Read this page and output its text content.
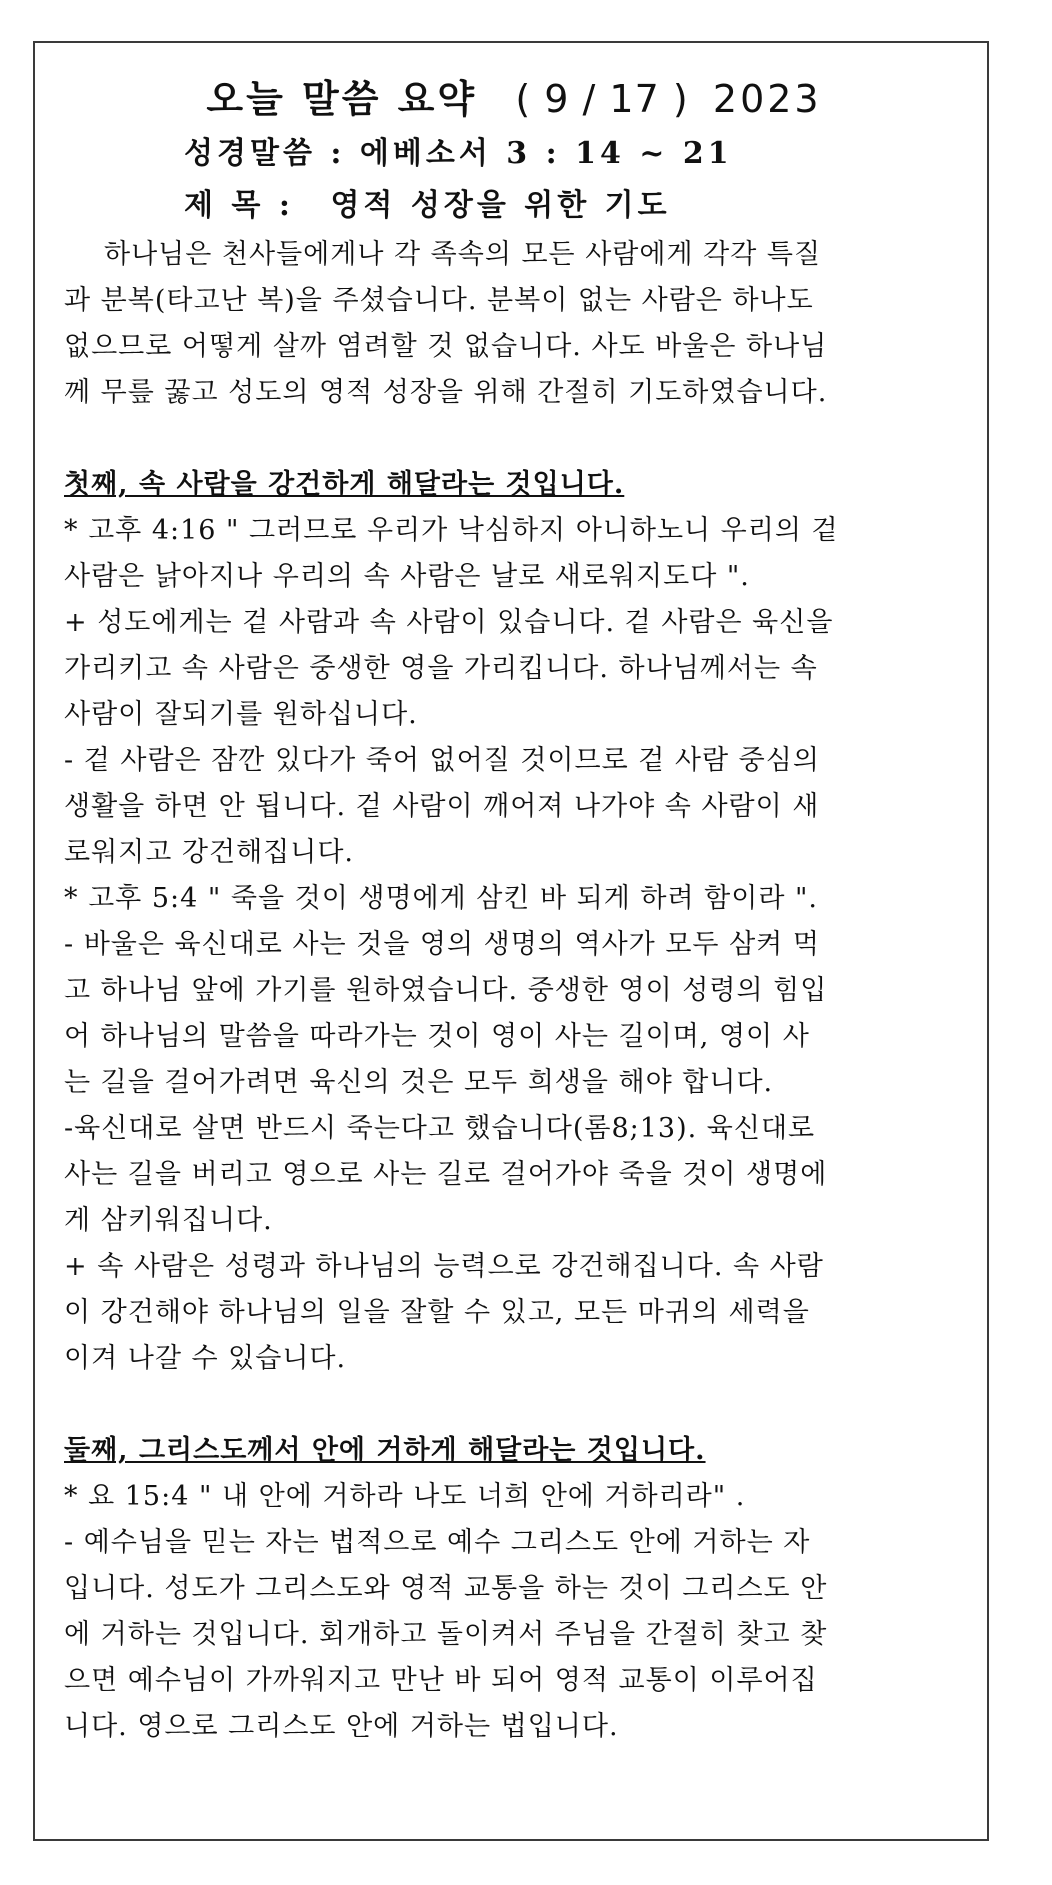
오늘 말씀 요약 ( 9 / 17 ) 2023
성경말씀 : 에베소서 3 : 14 ~ 21
제 목 : 영적 성장을 위한 기도
하나님은 천사들에게나 각 족속의 모든 사람에게 각각 특질
과 분복(타고난 복)을 주셨습니다. 분복이 없는 사람은 하나도
없으므로 어떻게 살까 염려할 것 없습니다. 사도 바울은 하나님
께 무릎 꿇고 성도의 영적 성장을 위해 간절히 기도하였습니다.
첫째, 속 사람을 강건하게 해달라는 것입니다.
* 고후 4:16 " 그러므로 우리가 낙심하지 아니하노니 우리의 겉
사람은 낡아지나 우리의 속 사람은 날로 새로워지도다 ".
+ 성도에게는 겉 사람과 속 사람이 있습니다. 겉 사람은 육신을
가리키고 속 사람은 중생한 영을 가리킵니다. 하나님께서는 속
사람이 잘되기를 원하십니다.
- 겉 사람은 잠깐 있다가 죽어 없어질 것이므로 겉 사람 중심의
생활을 하면 안 됩니다. 겉 사람이 깨어져 나가야 속 사람이 새
로워지고 강건해집니다.
* 고후 5:4 " 죽을 것이 생명에게 삼킨 바 되게 하려 함이라 ".
- 바울은 육신대로 사는 것을 영의 생명의 역사가 모두 삼켜 먹
고 하나님 앞에 가기를 원하였습니다. 중생한 영이 성령의 힘입
어 하나님의 말씀을 따라가는 것이 영이 사는 길이며, 영이 사
는 길을 걸어가려면 육신의 것은 모두 희생을 해야 합니다.
-육신대로 살면 반드시 죽는다고 했습니다(롬8;13). 육신대로
사는 길을 버리고 영으로 사는 길로 걸어가야 죽을 것이 생명에
게 삼키워집니다.
+ 속 사람은 성령과 하나님의 능력으로 강건해집니다. 속 사람
이 강건해야 하나님의 일을 잘할 수 있고, 모든 마귀의 세력을
이겨 나갈 수 있습니다.
둘째, 그리스도께서 안에 거하게 해달라는 것입니다.
* 요 15:4 " 내 안에 거하라 나도 너희 안에 거하리라" .
- 예수님을 믿는 자는 법적으로 예수 그리스도 안에 거하는 자
입니다. 성도가 그리스도와 영적 교통을 하는 것이 그리스도 안
에 거하는 것입니다. 회개하고 돌이켜서 주님을 간절히 찾고 찾
으면 예수님이 가까워지고 만난 바 되어 영적 교통이 이루어집
니다. 영으로 그리스도 안에 거하는 법입니다.
